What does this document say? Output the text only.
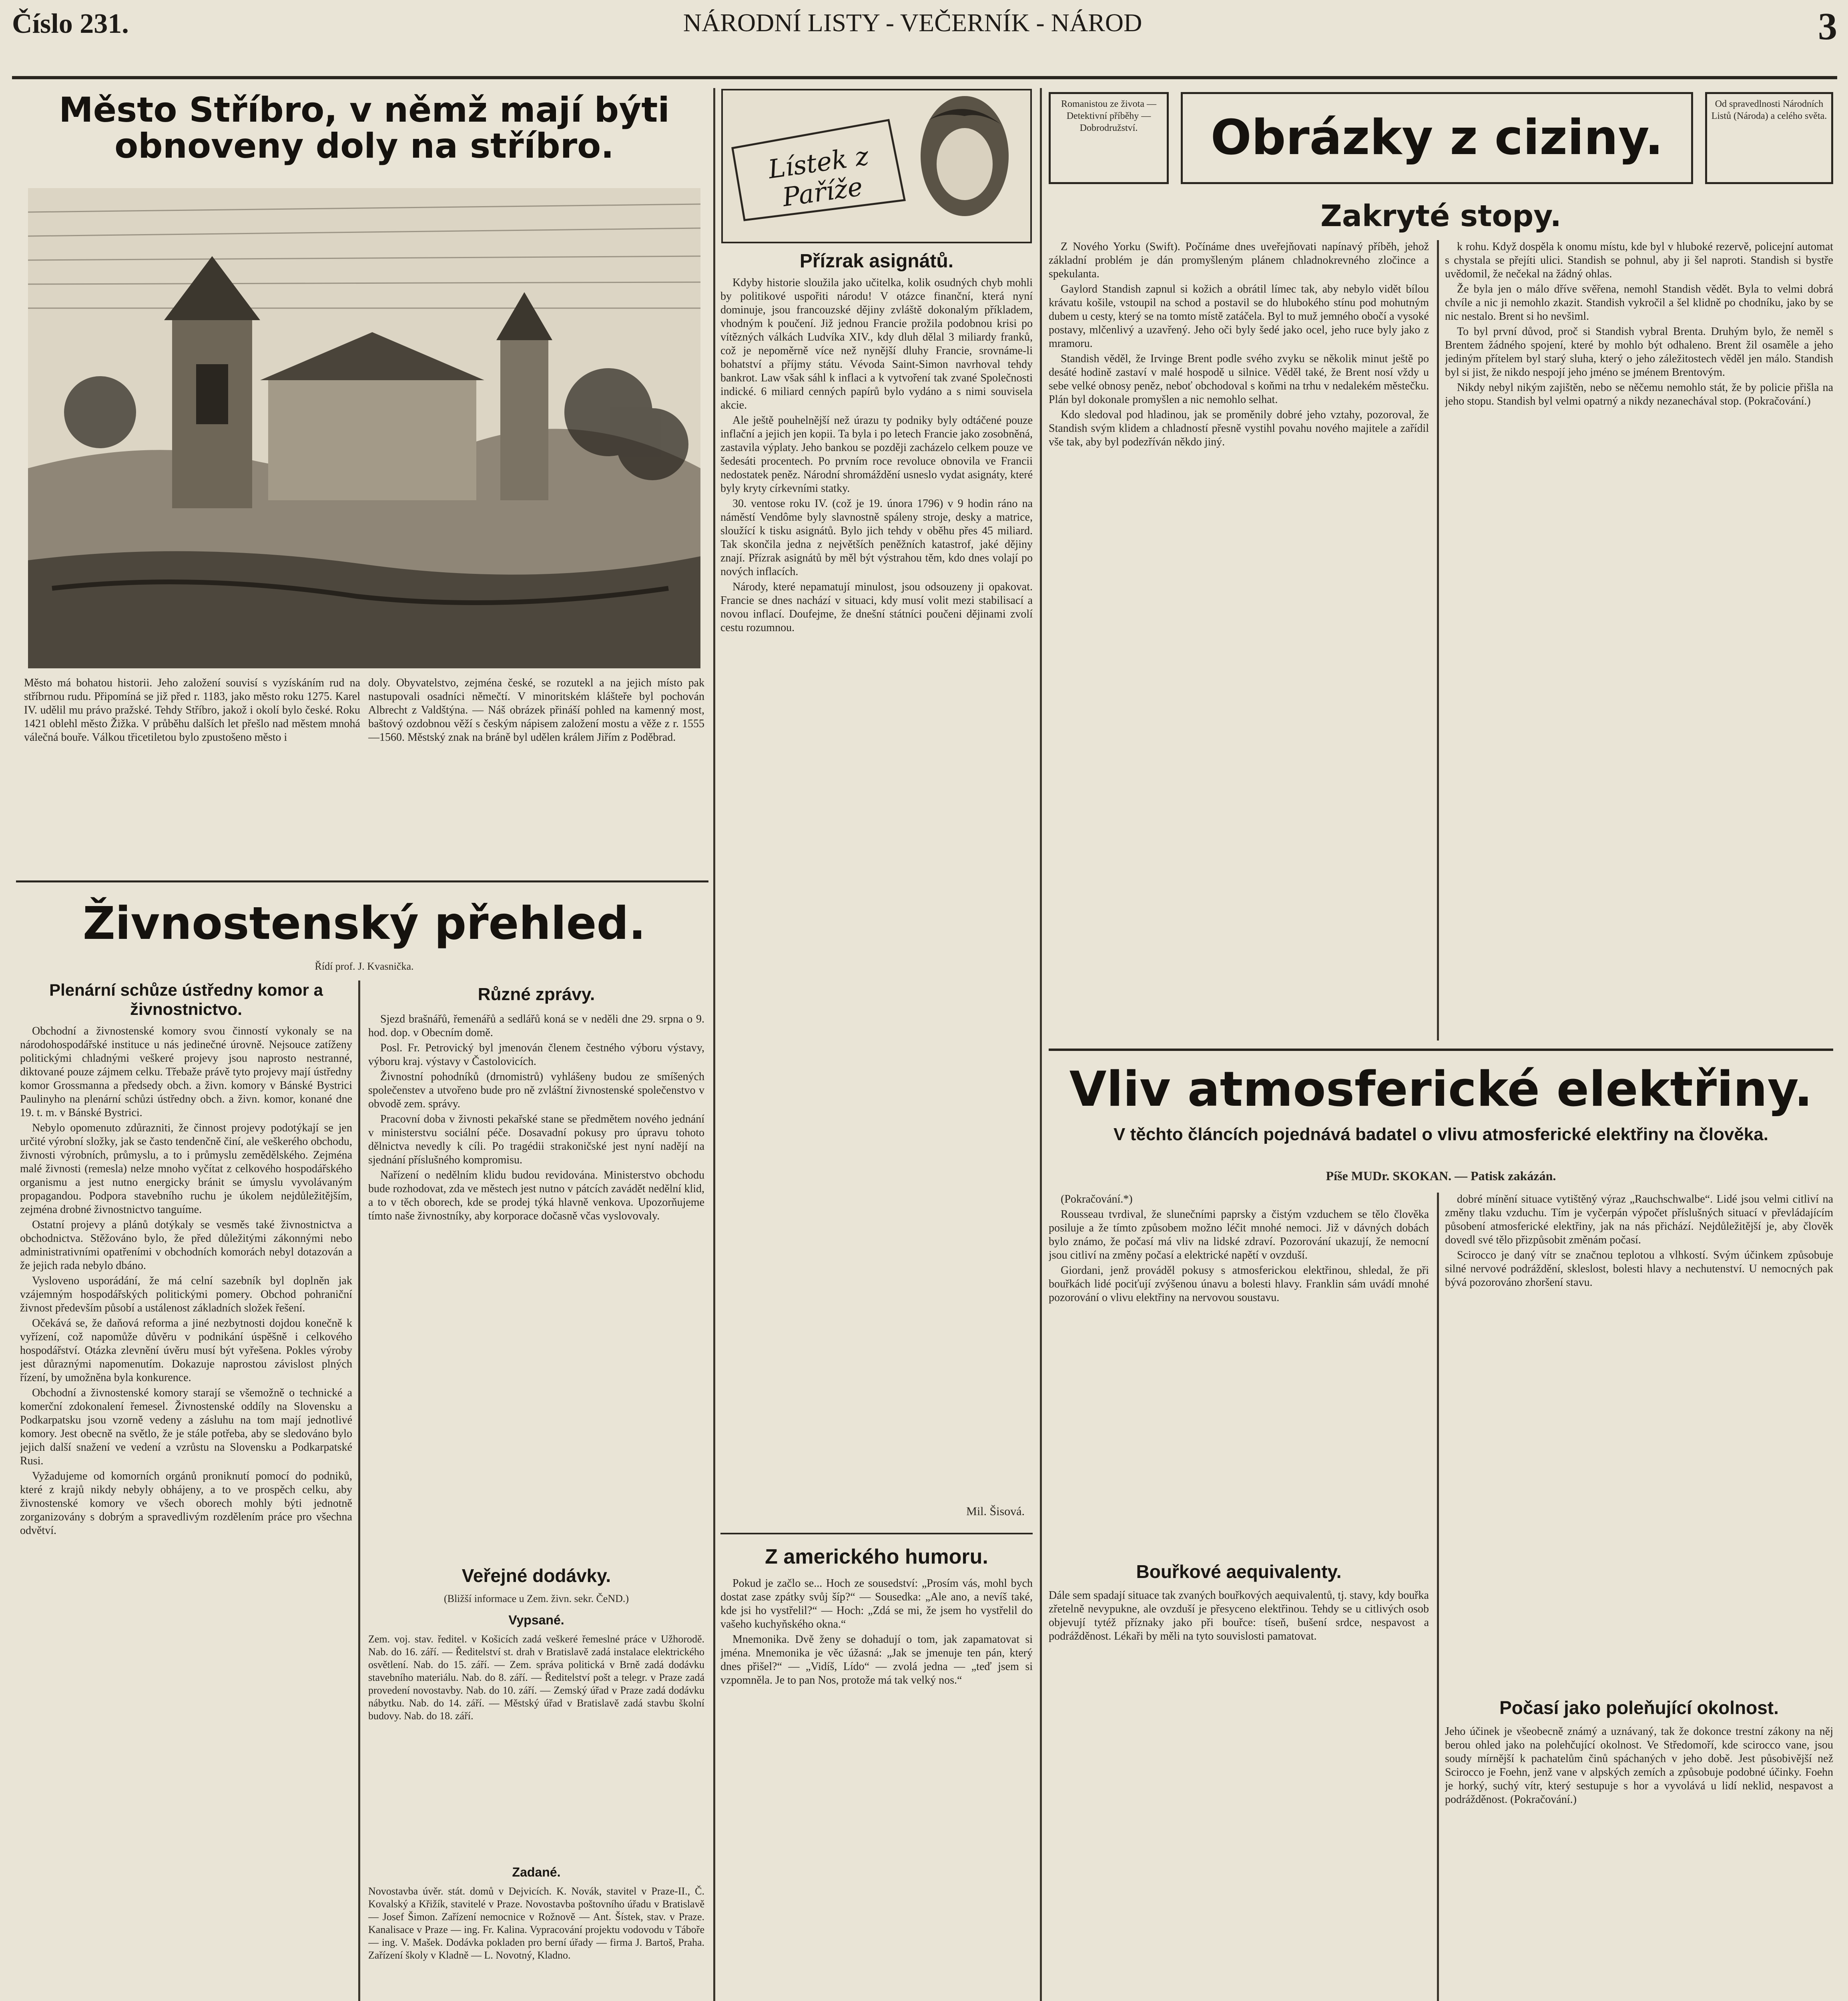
Číslo 231.	NÁRODNÍ LISTY - VEČERNÍK - NÁROD	3
Město Stříbro, v němž mají býti obnoveny doly na stříbro.
Město má bohatou historii. Jeho založení souvisí s vyzískáním rud na stříbrnou rudu. Připomíná se již před r. 1183, jako město roku 1275. Karel IV. udělil mu právo pražské. Tehdy Stříbro, jakož i okolí bylo české. Roku 1421 oblehl město Žižka. V průběhu dalších let přešlo nad městem mnohá válečná bouře. Válkou třicetiletou bylo zpustošeno město i
doly. Obyvatelstvo, zejména české, se rozutekl a na jejich místo pak nastupovali osadníci němečtí. V minoritském klášteře byl pochován Albrecht z Valdštýna. — Náš obrázek přináší pohled na kamenný most, baštový ozdobnou věží s českým nápisem založení mostu a věže z r. 1555—1560. Městský znak na bráně byl udělen králem Jiřím z Poděbrad.
Živnostenský přehled.
Řídí prof. J. Kvasnička.
Plenární schůze ústředny komor a živnostnictvo.

Obchodní a živnostenské komory svou činností vykonaly se na národohospodářské instituce u nás jedinečné úrovně. Nejsouce zatíženy politickými chladnými veškeré projevy jsou naprosto nestranné, diktované pouze zájmem celku. Třebaže právě tyto projevy mají ústředny komor Grossmanna a předsedy obch. a živn. komory v Bánské Bystrici Paulinyho na plenární schůzi ústředny obch. a živn. komor, konané dne 19. t. m. v Bánské Bystrici.

Nebylo opomenuto zdůrazniti, že činnost projevy podotýkají se jen určité výrobní složky, jak se často tendenčně činí, ale veškerého obchodu, živnosti výrobních, průmyslu, a to i průmyslu zemědělského. Zejména malé živnosti (remesla) nelze mnoho vyčítat z celkového hospodářského organismu a jest nutno energicky bránit se úmyslu vyvolávaným propagandou. Podpora stavebního ruchu je úkolem nejdůležitějším, zejména drobné živnostnictvo tanguíme.

Ostatní projevy a plánů dotýkaly se vesměs také živnostnictva a obchodnictva. Stěžováno bylo, že před důležitými zákonnými nebo administrativními opatřeními v obchodních komorách nebyl dotazován a že jejich rada nebylo dbáno.

Vysloveno usporádání, že má celní sazebník byl doplněn jak vzájemným hospodářských politickými pomery. Obchod pohraniční živnost především působí a ustálenost základních složek řešení.

Očekává se, že daňová reforma a jiné nezbytnosti dojdou konečně k vyřízení, což napomůže důvěru v podnikání úspěšně i celkového hospodářství. Otázka zlevnění úvěru musí být vyřešena. Pokles výroby jest důraznými napomenutím. Dokazuje naprostou závislost plných řízení, by umožněna byla konkurence.

Obchodní a živnostenské komory starají se všemožně o technické a komerční zdokonalení řemesel. Živnostenské oddíly na Slovensku a Podkarpatsku jsou vzorně vedeny a zásluhu na tom mají jednotlivé komory. Jest obecně na světlo, že je stále potřeba, aby se sledováno bylo jejich další snažení ve vedení a vzrůstu na Slovensku a Podkarpatské Rusi.

Vyžadujeme od komorních orgánů proniknutí pomocí do podniků, které z krajů nikdy nebyly obhájeny, a to ve prospěch celku, aby živnostenské komory ve všech oborech mohly býti jednotně zorganizovány s dobrým a spravedlivým rozdělením práce pro všechna odvětví.

Různé zprávy.

Sjezd brašnářů, řemenářů a sedlářů koná se v neděli dne 29. srpna o 9. hod. dop. v Obecním domě.

Posl. Fr. Petrovický byl jmenován členem čestného výboru výstavy, výboru kraj. výstavy v Častolovicích.

Živnostní pohodníků (drnomistrů) vyhlášeny budou ze smíšených společenstev a utvořeno bude pro ně zvláštní živnostenské společenstvo v obvodě zem. správy.

Pracovní doba v živnosti pekařské stane se předmětem nového jednání v ministerstvu sociální péče. Dosavadní pokusy pro úpravu tohoto dělnictva nevedly k cíli. Po tragédii strakoničské jest nyní nadějí na sjednání příslušného kompromisu.

Nařízení o nedělním klidu budou revidována. Ministerstvo obchodu bude rozhodovat, zda ve městech jest nutno v pátcích zavádět nedělní klid, a to v těch oborech, kde se prodej týká hlavně venkova. Upozorňujeme tímto naše živnostníky, aby korporace dočasně včas vyslovovaly.

Veřejné dodávky.
(Bližší informace u Zem. živn. sekr. ČeND.)
Vypsané.
Zem. voj. stav. ředitel. v Košicích zadá veškeré řemeslné práce v Užhorodě. Nab. do 16. září. — Ředitelství st. drah v Bratislavě zadá instalace elektrického osvětlení. Nab. do 15. září. — Zem. správa politická v Brně zadá dodávku stavebního materiálu. Nab. do 8. září. — Ředitelství pošt a telegr. v Praze zadá provedení novostavby. Nab. do 10. září. — Zemský úřad v Praze zadá dodávku nábytku. Nab. do 14. září. — Městský úřad v Bratislavě zadá stavbu školní budovy. Nab. do 18. září.
Zadané.
Novostavba úvěr. stát. domů v Dejvicích. K. Novák, stavitel v Praze-II., Č. Kovalský a Křižík, stavitelé v Praze. Novostavba poštovního úřadu v Bratislavě — Josef Šimon. Zařízení nemocnice v Rožnově — Ant. Šístek, stav. v Praze. Kanalisace v Praze — ing. Fr. Kalina. Vypracování projektu vodovodu v Táboře — ing. V. Mašek. Dodávka pokladen pro berní úřady — firma J. Bartoš, Praha. Zařízení školy v Kladně — L. Novotný, Kladno.

Lístek z Paříže
Přízrak asignátů.

Kdyby historie sloužila jako učitelka, kolik osudných chyb mohli by politikové uspořiti národu! V otázce finanční, která nyní dominuje, jsou francouzské dějiny zvláště dokonalým příkladem, vhodným k poučení. Již jednou Francie prožila podobnou krisi po vítězných válkách Ludvíka XIV., kdy dluh dělal 3 miliardy franků, což je nepoměrně více než nynější dluhy Francie, srovnáme-li bohatství a příjmy státu. Vévoda Saint-Simon navrhoval tehdy bankrot. Law však sáhl k inflaci a k vytvoření tak zvané Společnosti indické. 6 miliard cenných papírů bylo vydáno a s nimi souvisela akcie.

Ale ještě pouhelnější než úrazu ty podniky byly odtáčené pouze inflační a jejich jen kopii. Ta byla i po letech Francie jako zosobněná, zastavila výplaty. Jeho bankou se později zacházelo celkem pouze ve šedesáti procentech. Po prvním roce revoluce obnovila ve Francii nedostatek peněz. Národní shromáždění usneslo vydat asignáty, které byly kryty církevními statky.

30. ventose roku IV. (což je 19. února 1796) v 9 hodin ráno na náměstí Vendôme byly slavnostně spáleny stroje, desky a matrice, sloužící k tisku asignátů. Bylo jich tehdy v oběhu přes 45 miliard. Tak skončila jedna z největších peněžních katastrof, jaké dějiny znají. Přízrak asignátů by měl být výstrahou těm, kdo dnes volají po nových inflacích.

Národy, které nepamatují minulost, jsou odsouzeny ji opakovat. Francie se dnes nachází v situaci, kdy musí volit mezi stabilisací a novou inflací. Doufejme, že dnešní státníci poučeni dějinami zvolí cestu rozumnou.

Mil. Šisová.
Z amerického humoru.

Pokud je začlo se... Hoch ze sousedství: „Prosím vás, mohl bych dostat zase zpátky svůj šíp?“ — Sousedka: „Ale ano, a nevíš také, kde jsi ho vystřelil?“ — Hoch: „Zdá se mi, že jsem ho vystřelil do vašeho kuchyňského okna.“

Mnemonika. Dvě ženy se dohadují o tom, jak zapamatovat si jména. Mnemonika je věc úžasná: „Jak se jmenuje ten pán, který dnes přišel?“ — „Vidíš, Lído“ — zvolá jedna — „teď jsem si vzpomněla. Je to pan Nos, protože má tak velký nos.“

Romanistou ze života — Detektivní příběhy — Dobrodružství.	Obrázky z ciziny.
Od spravedlnosti Národních Listů (Národa) a celého světa.
Zakryté stopy.

Z Nového Yorku (Swift). Počínáme dnes uveřejňovati napínavý příběh, jehož základní problém je dán promyšleným plánem chladnokrevného zločince a spekulanta.

Gaylord Standish zapnul si kožich a obrátil límec tak, aby nebylo vidět bílou krávatu košile, vstoupil na schod a postavil se do hlubokého stínu pod mohutným dubem u cesty, který se na tomto místě zatáčela. Byl to muž jemného obočí a vysoké postavy, mlčenlivý a uzavřený. Jeho oči byly šedé jako ocel, jeho ruce byly jako z mramoru.

Standish věděl, že Irvinge Brent podle svého zvyku se několik minut ještě po desáté hodině zastaví v malé hospodě u silnice. Věděl také, že Brent nosí vždy u sebe velké obnosy peněz, neboť obchodoval s koňmi na trhu v nedalekém městečku. Plán byl dokonale promyšlen a nic nemohlo selhat.

Kdo sledoval pod hladinou, jak se proměnily dobré jeho vztahy, pozoroval, že Standish svým klidem a chladností přesně vystihl povahu nového majitele a zařídil vše tak, aby byl podezříván někdo jiný.

k rohu. Když dospěla k onomu místu, kde byl v hluboké rezervě, policejní automat s chystala se přejíti ulici. Standish se pohnul, aby ji šel naproti. Standish si bystře uvědomil, že nečekal na žádný ohlas.

Že byla jen o málo dříve svěřena, nemohl Standish vědět. Byla to velmi dobrá chvíle a nic ji nemohlo zkazit. Standish vykročil a šel klidně po chodníku, jako by se nic nestalo. Brent si ho nevšiml.

To byl první důvod, proč si Standish vybral Brenta. Druhým bylo, že neměl s Brentem žádného spojení, které by mohlo být odhaleno. Brent žil osaměle a jeho jediným přítelem byl starý sluha, který o jeho záležitostech věděl jen málo. Standish byl si jist, že nikdo nespojí jeho jméno se jménem Brentovým.

Nikdy nebyl nikým zajištěn, nebo se něčemu nemohlo stát, že by policie přišla na jeho stopu. Standish byl velmi opatrný a nikdy nezanechával stop. (Pokračování.)

Vliv atmosferické elektřiny.
V těchto článcích pojednává badatel o vlivu atmosferické elektřiny na člověka.
Píše MUDr. SKOKAN. — Patisk zakázán.

(Pokračování.*)

Rousseau tvrdival, že slunečními paprsky a čistým vzduchem se tělo člověka posiluje a že tímto způsobem možno léčit mnohé nemoci. Již v dávných dobách bylo známo, že počasí má vliv na lidské zdraví. Pozorování ukazují, že nemocní jsou citliví na změny počasí a elektrické napětí v ovzduší.

Giordani, jenž prováděl pokusy s atmosferickou elektřinou, shledal, že při bouřkách lidé pociťují zvýšenou únavu a bolesti hlavy. Franklin sám uvádí mnohé pozorování o vlivu elektřiny na nervovou soustavu.

Bouřkové aequivalenty.
Dále sem spadají situace tak zvaných bouřkových aequivalentů, tj. stavy, kdy bouřka zřetelně nevypukne, ale ovzduší je přesyceno elektřinou. Tehdy se u citlivých osob objevují tytéž příznaky jako při bouřce: tíseň, bušení srdce, nespavost a podrážděnost. Lékaři by měli na tyto souvislosti pamatovat.

dobré mínění situace vytištěný výraz „Rauchschwalbe“. Lidé jsou velmi citliví na změny tlaku vzduchu. Tím je vyčerpán výpočet příslušných situací v převládajícím působení atmosferické elektřiny, jak na nás přichází. Nejdůležitější je, aby člověk dovedl své tělo přizpůsobit změnám počasí.

Scirocco je daný vítr se značnou teplotou a vlhkostí. Svým účinkem způsobuje silné nervové podráždění, skleslost, bolesti hlavy a nechutenství. U nemocných pak bývá pozorováno zhoršení stavu.

Počasí jako poleňující okolnost.
Jeho účinek je všeobecně známý a uznávaný, tak že dokonce trestní zákony na něj berou ohled jako na polehčující okolnost. Ve Středomoří, kde scirocco vane, jsou soudy mírnější k pachatelům činů spáchaných v jeho době. Jest působivější než Scirocco je Foehn, jenž vane v alpských zemích a způsobuje podobné účinky. Foehn je horký, suchý vítr, který sestupuje s hor a vyvolává u lidí neklid, nespavost a podrážděnost. (Pokračování.)
